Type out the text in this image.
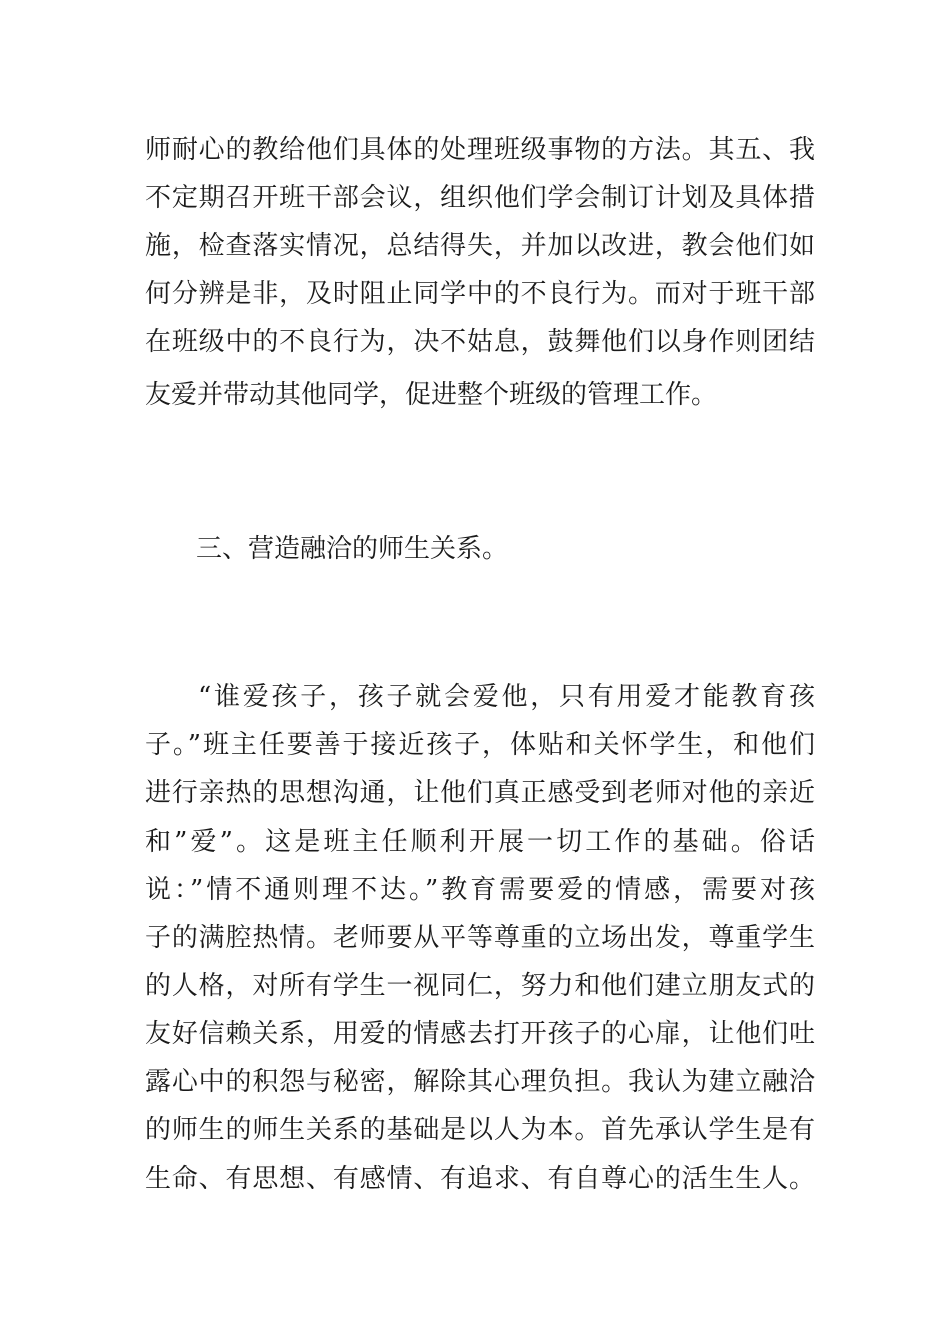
师耐心的教给他们具体的处理班级事物的方法。其五、我
不定期召开班干部会议，组织他们学会制订计划及具体措
施，检查落实情况，总结得失，并加以改进，教会他们如
何分辨是非，及时阻止同学中的不良行为。而对于班干部
在班级中的不良行为，决不姑息，鼓舞他们以身作则团结
友爱并带动其他同学，促进整个班级的管理工作。
三、营造融洽的师生关系。
“谁爱孩子，孩子就会爱他，只有用爱才能教育孩
子。”班主任要善于接近孩子，体贴和关怀学生，和他们
进行亲热的思想沟通，让他们真正感受到老师对他的亲近
和”爱”。这是班主任顺利开展一切工作的基础。俗话
说：”情不通则理不达。”教育需要爱的情感，需要对孩
子的满腔热情。老师要从平等尊重的立场出发，尊重学生
的人格，对所有学生一视同仁，努力和他们建立朋友式的
友好信赖关系，用爱的情感去打开孩子的心扉，让他们吐
露心中的积怨与秘密，解除其心理负担。我认为建立融洽
的师生的师生关系的基础是以人为本。首先承认学生是有
生命、有思想、有感情、有追求、有自尊心的活生生人。
